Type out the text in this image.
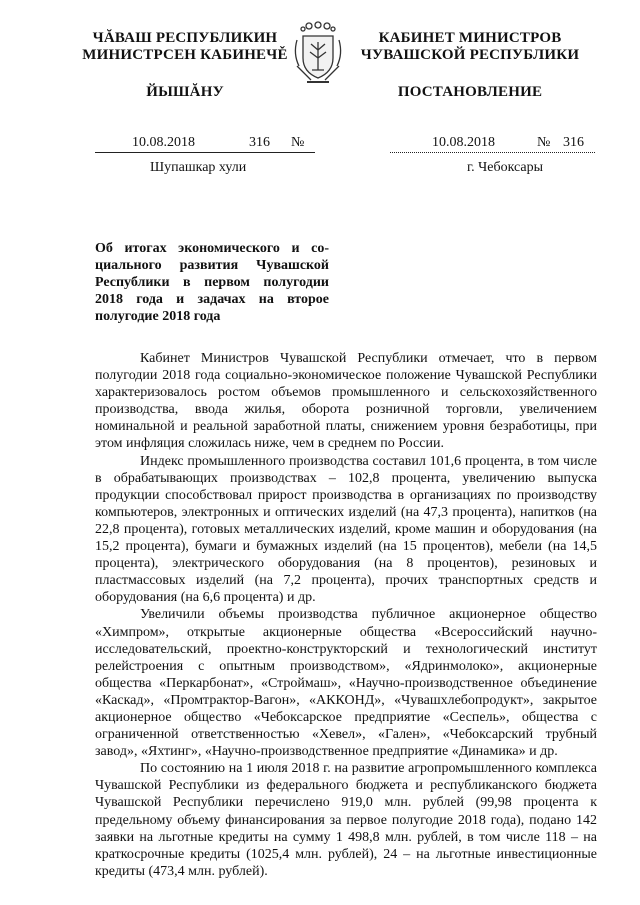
ЧĂВАШ РЕСПУБЛИКИН
МИНИСТРСЕН КАБИНЕЧĚ
ЙЫШĂНУ
КАБИНЕТ МИНИСТРОВ
ЧУВАШСКОЙ РЕСПУБЛИКИ
ПОСТАНОВЛЕНИЕ
10.08.2018	316 №	10.08.2018	№ 316
Шупашкар хули	г. Чебоксары
Об итогах экономического и со-
циального развития Чувашской
Республики в первом полугодии
2018 года и задачах на второе
полугодие 2018 года

Кабинет Министров Чувашской Республики отмечает, что в первом полугодии 2018 года социально-экономическое положение Чувашской Республики характеризовалось ростом объемов промышленного и сельскохозяйственного производства, ввода жилья, оборота розничной торговли, увеличением номинальной и реальной заработной платы, снижением уровня безработицы, при этом инфляция сложилась ниже, чем в среднем по России.

Индекс промышленного производства составил 101,6 процента, в том числе в обрабатывающих производствах – 102,8 процента, увеличению выпуска продукции способствовал прирост производства в организациях по производству компьютеров, электронных и оптических изделий (на 47,3 процента), напитков (на 22,8 процента), готовых металлических изделий, кроме машин и оборудования (на 15,2 процента), бумаги и бумажных изделий (на 15 процентов), мебели (на 14,5 процента), электрического оборудования (на 8 процентов), резиновых и пластмассовых изделий (на 7,2 процента), прочих транспортных средств и оборудования (на 6,6 процента) и др.

Увеличили объемы производства публичное акционерное общество «Химпром», открытые акционерные общества «Всероссийский научно-исследовательский, проектно-конструкторский и технологический институт релейстроения с опытным производством», «Ядринмолоко», акционерные общества «Перкарбонат», «Строймаш», «Научно-производственное объединение «Каскад», «Промтрактор-Вагон», «АККОНД», «Чувашхлебопродукт», закрытое акционерное общество «Чебоксарское предприятие «Сеспель», общества с ограниченной ответственностью «Хевел», «Гален», «Чебоксарский трубный завод», «Яхтинг», «Научно-производственное предприятие «Динамика» и др.

По состоянию на 1 июля 2018 г. на развитие агропромышленного комплекса Чувашской Республики из федерального бюджета и республиканского бюджета Чувашской Республики перечислено 919,0 млн. рублей (99,98 процента к предельному объему финансирования за первое полугодие 2018 года), подано 142 заявки на льготные кредиты на сумму 1 498,8 млн. рублей, в том числе 118 – на краткосрочные кредиты (1025,4 млн. рублей), 24 – на льготные инвестиционные кредиты (473,4 млн. рублей).
